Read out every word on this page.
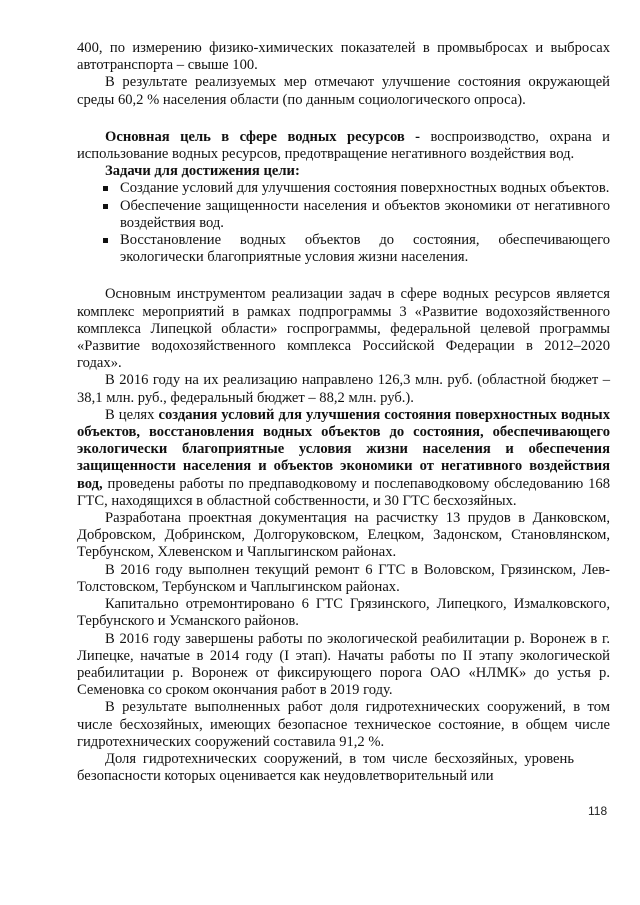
400, по измерению физико-химических показателей в промвыбросах и выбросах автотранспорта – свыше 100.

В результате реализуемых мер отмечают улучшение состояния окружающей среды 60,2 % населения области (по данным социологического опроса).

Основная цель в сфере водных ресурсов - воспроизводство, охрана и использование водных ресурсов, предотвращение негативного воздействия вод.

Задачи для достижения цели:

Создание условий для улучшения состояния поверхностных водных объектов.
Обеспечение защищенности населения и объектов экономики от негативного воздействия вод.
Восстановление водных объектов до состояния, обеспечивающего экологически благоприятные условия жизни населения.

Основным инструментом реализации задач в сфере водных ресурсов является комплекс мероприятий в рамках подпрограммы 3 «Развитие водохозяйственного комплекса Липецкой области» госпрограммы, федеральной целевой программы «Развитие водохозяйственного комплекса Российской Федерации в 2012–2020 годах».

В 2016 году на их реализацию направлено 126,3 млн. руб. (областной бюджет – 38,1 млн. руб., федеральный бюджет – 88,2 млн. руб.).

В целях создания условий для улучшения состояния поверхностных водных объектов, восстановления водных объектов до состояния, обеспечивающего экологически благоприятные условия жизни населения и обеспечения защищенности населения и объектов экономики от негативного воздействия вод, проведены работы по предпаводковому и послепаводковому обследованию 168 ГТС, находящихся в областной собственности, и 30 ГТС бесхозяйных.

Разработана проектная документация на расчистку 13 прудов в Данковском, Добровском, Добринском, Долгоруковском, Елецком, Задонском, Становлянском, Тербунском, Хлевенском и Чаплыгинском районах.

В 2016 году выполнен текущий ремонт 6 ГТС в Воловском, Грязинском, Лев-Толстовском, Тербунском и Чаплыгинском районах.

Капитально отремонтировано 6 ГТС Грязинского, Липецкого, Измалковского, Тербунского и Усманского районов.

В 2016 году завершены работы по экологической реабилитации р. Воронеж в г. Липецке, начатые в 2014 году (I этап). Начаты работы по II этапу экологической реабилитации р. Воронеж от фиксирующего порога ОАО «НЛМК» до устья р. Семеновка со сроком окончания работ в 2019 году.

В результате выполненных работ доля гидротехнических сооружений, в том числе бесхозяйных, имеющих безопасное техническое состояние, в общем числе гидротехнических сооружений составила 91,2 %.

Доля гидротехнических сооружений, в том числе бесхозяйных, уровень безопасности которых оценивается как неудовлетворительный или

118
